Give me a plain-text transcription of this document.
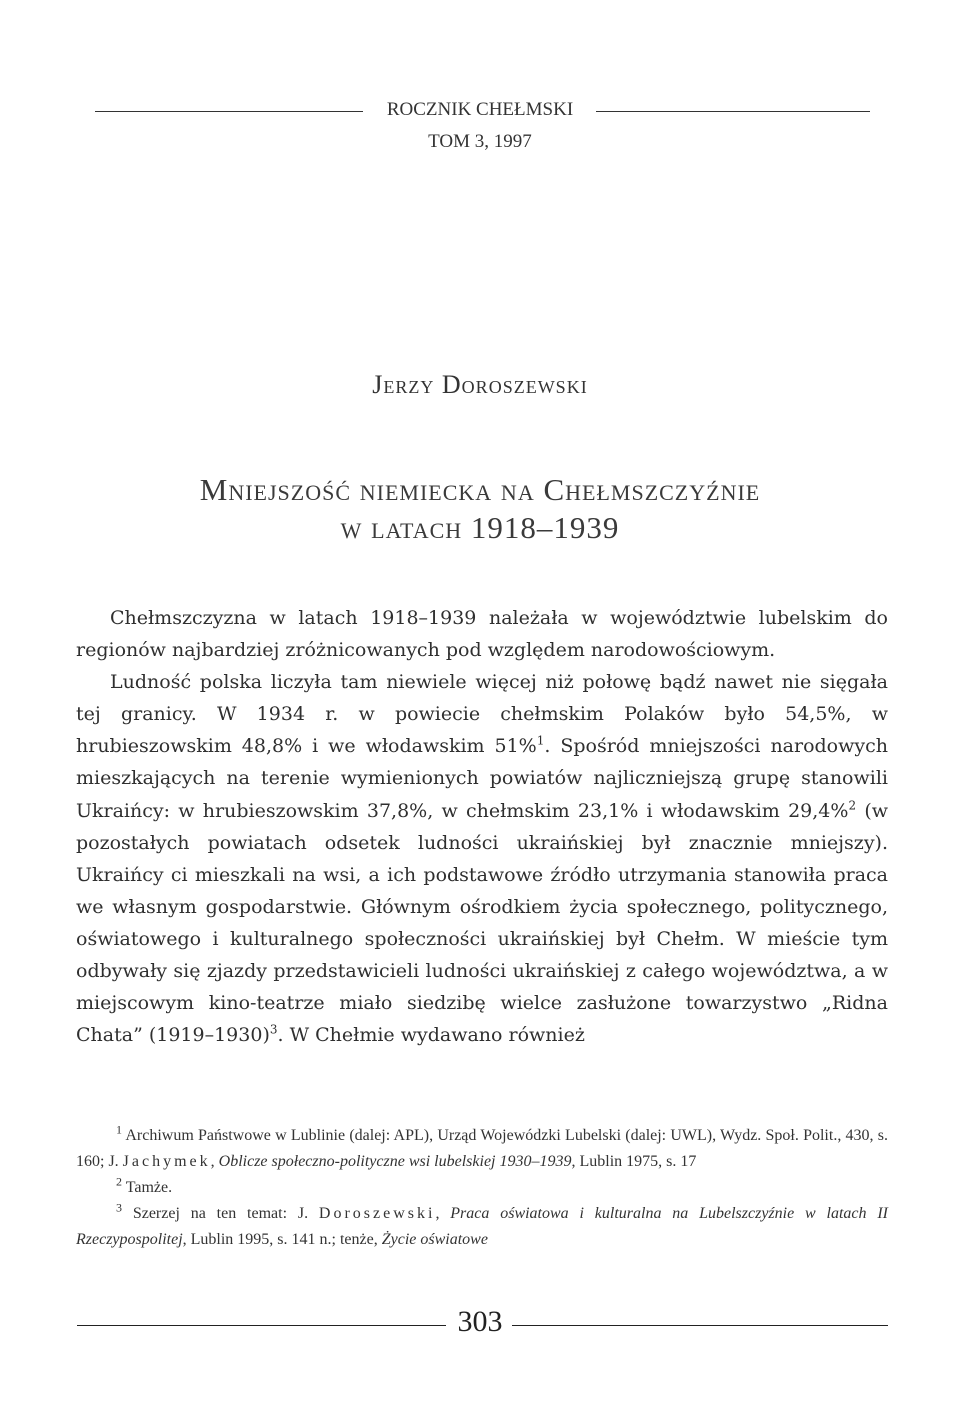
ROCZNIK CHEŁMSKI
TOM 3, 1997
Jerzy Doroszewski
Mniejszość niemiecka na Chełmszczyźnie
w latach 1918–1939

Chełmszczyzna w latach 1918–1939 należała w województwie lubelskim do regionów najbardziej zróżnicowanych pod względem narodowościowym.

Ludność polska liczyła tam niewiele więcej niż połowę bądź nawet nie sięgała tej granicy. W 1934 r. w powiecie chełmskim Polaków było 54,5%, w hrubieszowskim 48,8% i we włodawskim 51%$^1$. Spośród mniejszości narodowych mieszkających na terenie wymienionych powiatów najliczniejszą grupę stanowili Ukraińcy: w hrubieszowskim 37,8%, w chełmskim 23,1% i włodawskim 29,4%$^2$ (w pozostałych powiatach odsetek ludności ukraińskiej był znacznie mniejszy). Ukraińcy ci mieszkali na wsi, a ich podstawowe źródło utrzymania stanowiła praca we własnym gospodarstwie. Głównym ośrodkiem życia społecznego, politycznego, oświatowego i kulturalnego społeczności ukraińskiej był Chełm. W mieście tym odbywały się zjazdy przedstawicieli ludności ukraińskiej z całego województwa, a w miejscowym kino-teatrze miało siedzibę wielce zasłużone towarzystwo „Ridna Chata” (1919–1930)$^3$. W Chełmie wydawano również

$^1$ Archiwum Państwowe w Lublinie (dalej: APL), Urząd Wojewódzki Lubelski (dalej: UWL), Wydz. Społ. Polit., 430, s. 160; J. Jachymek, Oblicze społeczno-polityczne wsi lubelskiej 1930–1939, Lublin 1975, s. 17

$^2$ Tamże.

$^3$ Szerzej na ten temat: J. Doroszewski, Praca oświatowa i kulturalna na Lubelszczyźnie w latach II Rzeczypospolitej, Lublin 1995, s. 141 n.; tenże, Życie oświatowe

303
